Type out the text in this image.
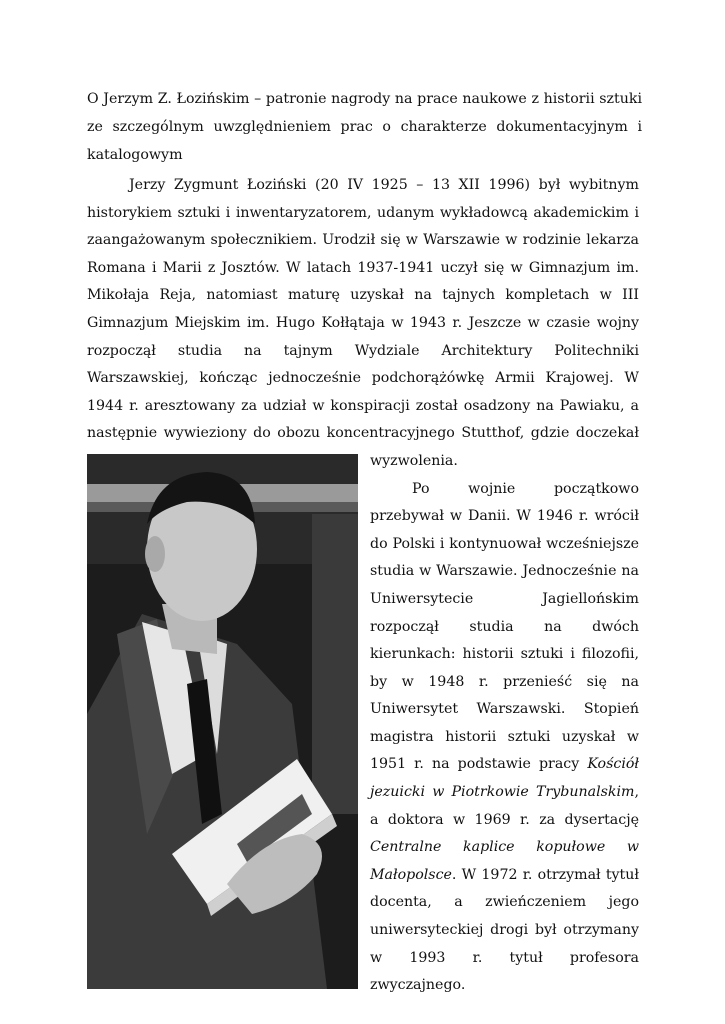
O Jerzym Z. Łozińskim – patronie nagrody na prace naukowe z historii sztuki ze szczególnym uwzględnieniem prac o charakterze dokumentacyjnym i katalogowym

Jerzy Zygmunt Łoziński (20 IV 1925 – 13 XII 1996) był wybitnym historykiem sztuki i inwentaryzatorem, udanym wykładowcą akademickim i zaangażowanym społecznikiem. Urodził się w Warszawie w rodzinie lekarza Romana i Marii z Josztów. W latach 1937-1941 uczył się w Gimnazjum im. Mikołaja Reja, natomiast maturę uzyskał na tajnych kompletach w III Gimnazjum Miejskim im. Hugo Kołłątaja w 1943 r. Jeszcze w czasie wojny rozpoczął studia na tajnym Wydziale Architektury Politechniki Warszawskiej, kończąc jednocześnie podchorążówkę Armii Krajowej. W 1944 r. aresztowany za udział w konspiracji został osadzony na Pawiaku, a następnie wywieziony do obozu koncentracyjnego Stutthof, gdzie doczekał wyzwolenia.

Po wojnie początkowo przebywał w Danii. W 1946 r. wrócił do Polski i kontynuował wcześniejsze studia w Warszawie. Jednocześnie na Uniwersytecie Jagiellońskim rozpoczął studia na dwóch kierunkach: historii sztuki i filozofii, by w 1948 r. przenieść się na Uniwersytet Warszawski. Stopień magistra historii sztuki uzyskał w 1951 r. na podstawie pracy Kościół jezuicki w Piotrkowie Trybunalskim, a doktora w 1969 r. za dysertację Centralne kaplice kopułowe w Małopolsce. W 1972 r. otrzymał tytuł docenta, a zwieńczeniem jego uniwersyteckiej drogi był otrzymany w 1993 r. tytuł profesora zwyczajnego.
